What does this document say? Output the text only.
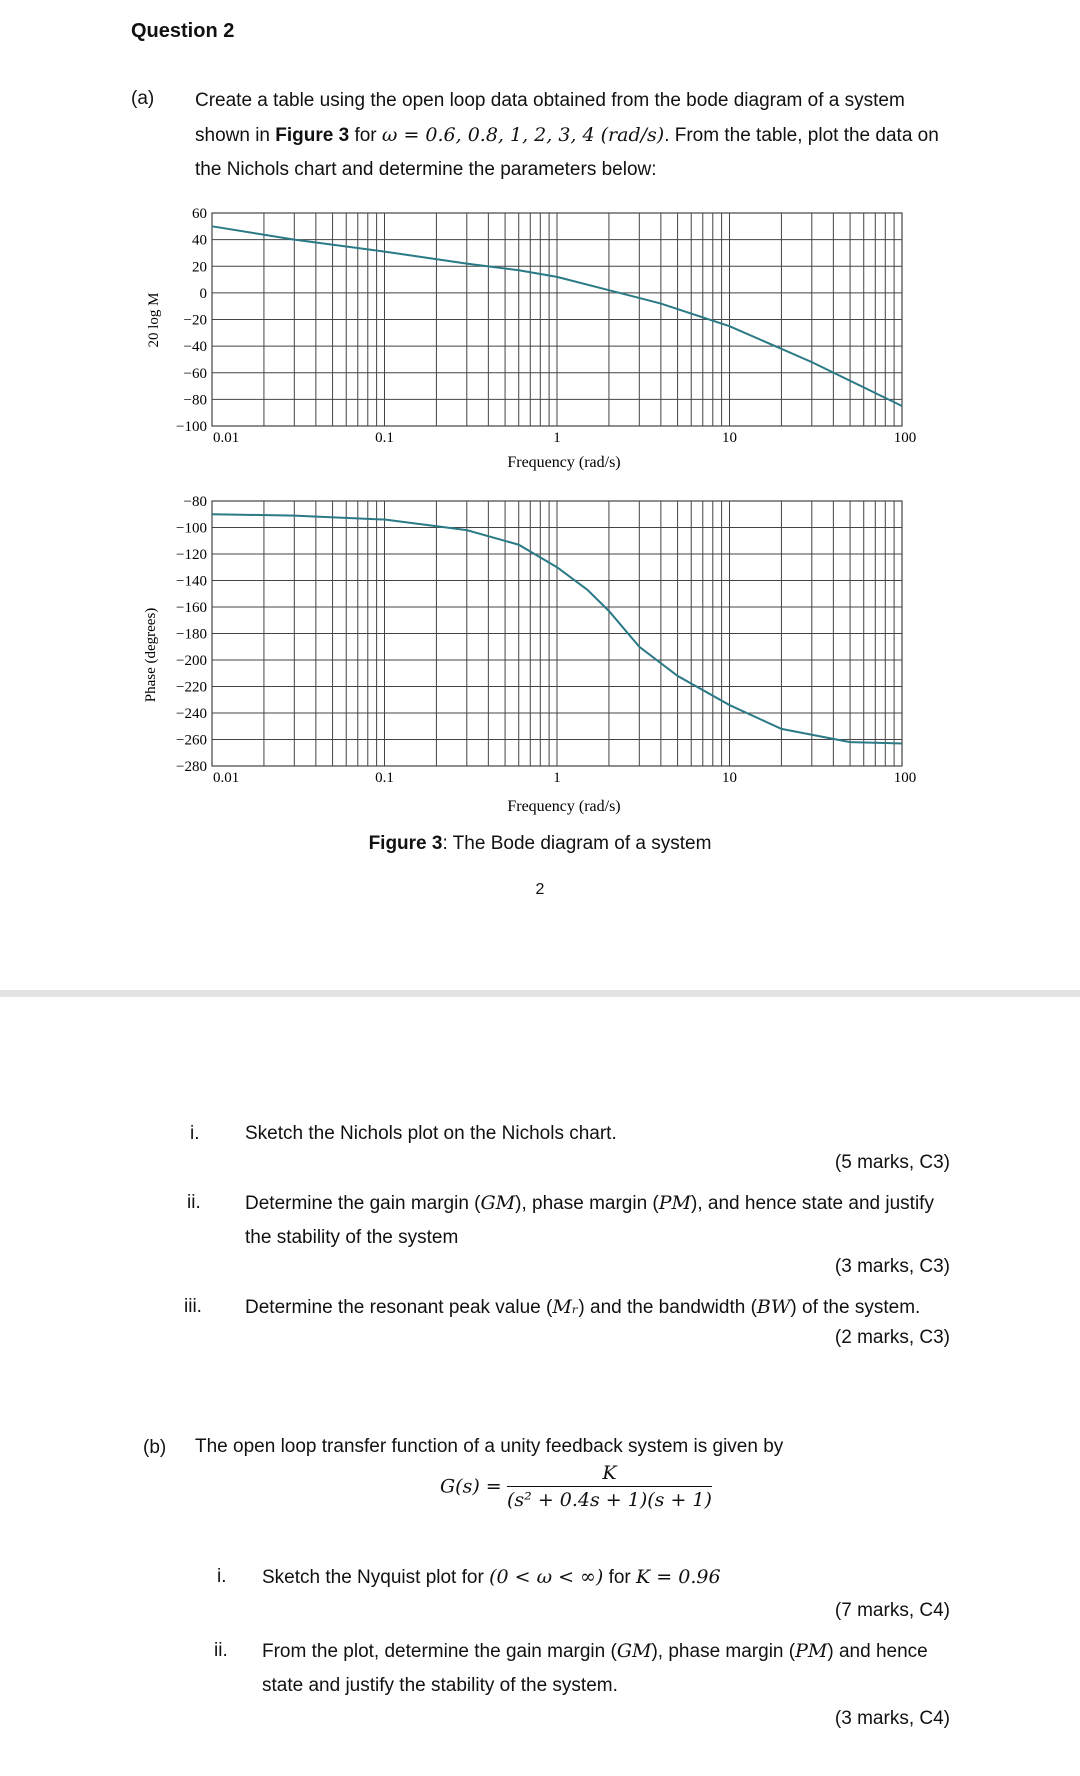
Question 2
(a) Create a table using the open loop data obtained from the bode diagram of a system
shown in Figure 3 for ω = 0.6, 0.8, 1, 2, 3, 4 (rad/s). From the table, plot the data on
the Nichols chart and determine the parameters below:
60
40
20
0
−20
−40
−60
−80
−100
0.01	0.1	1	10	100
20 log M
Frequency (rad/s)
−80
−100
−120
−140
−160
−180
−200
−220
−240
−260
−280
0.01	0.1	1	10	100
Phase (degrees)
Frequency (rad/s)
Figure 3: The Bode diagram of a system
2
i. Sketch the Nichols plot on the Nichols chart.
(5 marks, C3)
ii. Determine the gain margin (GM), phase margin (PM), and hence state and justify
the stability of the system
(3 marks, C3)
iii. Determine the resonant peak value (Mᵣ) and the bandwidth (BW) of the system.
(2 marks, C3)
(b) The open loop transfer function of a unity feedback system is given by
$G(s) = \frac{K}{\text{(s² + 0.4s + 1)(s + 1)}}$
i. Sketch the Nyquist plot for (0 < ω < ∞) for K = 0.96
(7 marks, C4)
ii. From the plot, determine the gain margin (GM), phase margin (PM) and hence
state and justify the stability of the system.
(3 marks, C4)
